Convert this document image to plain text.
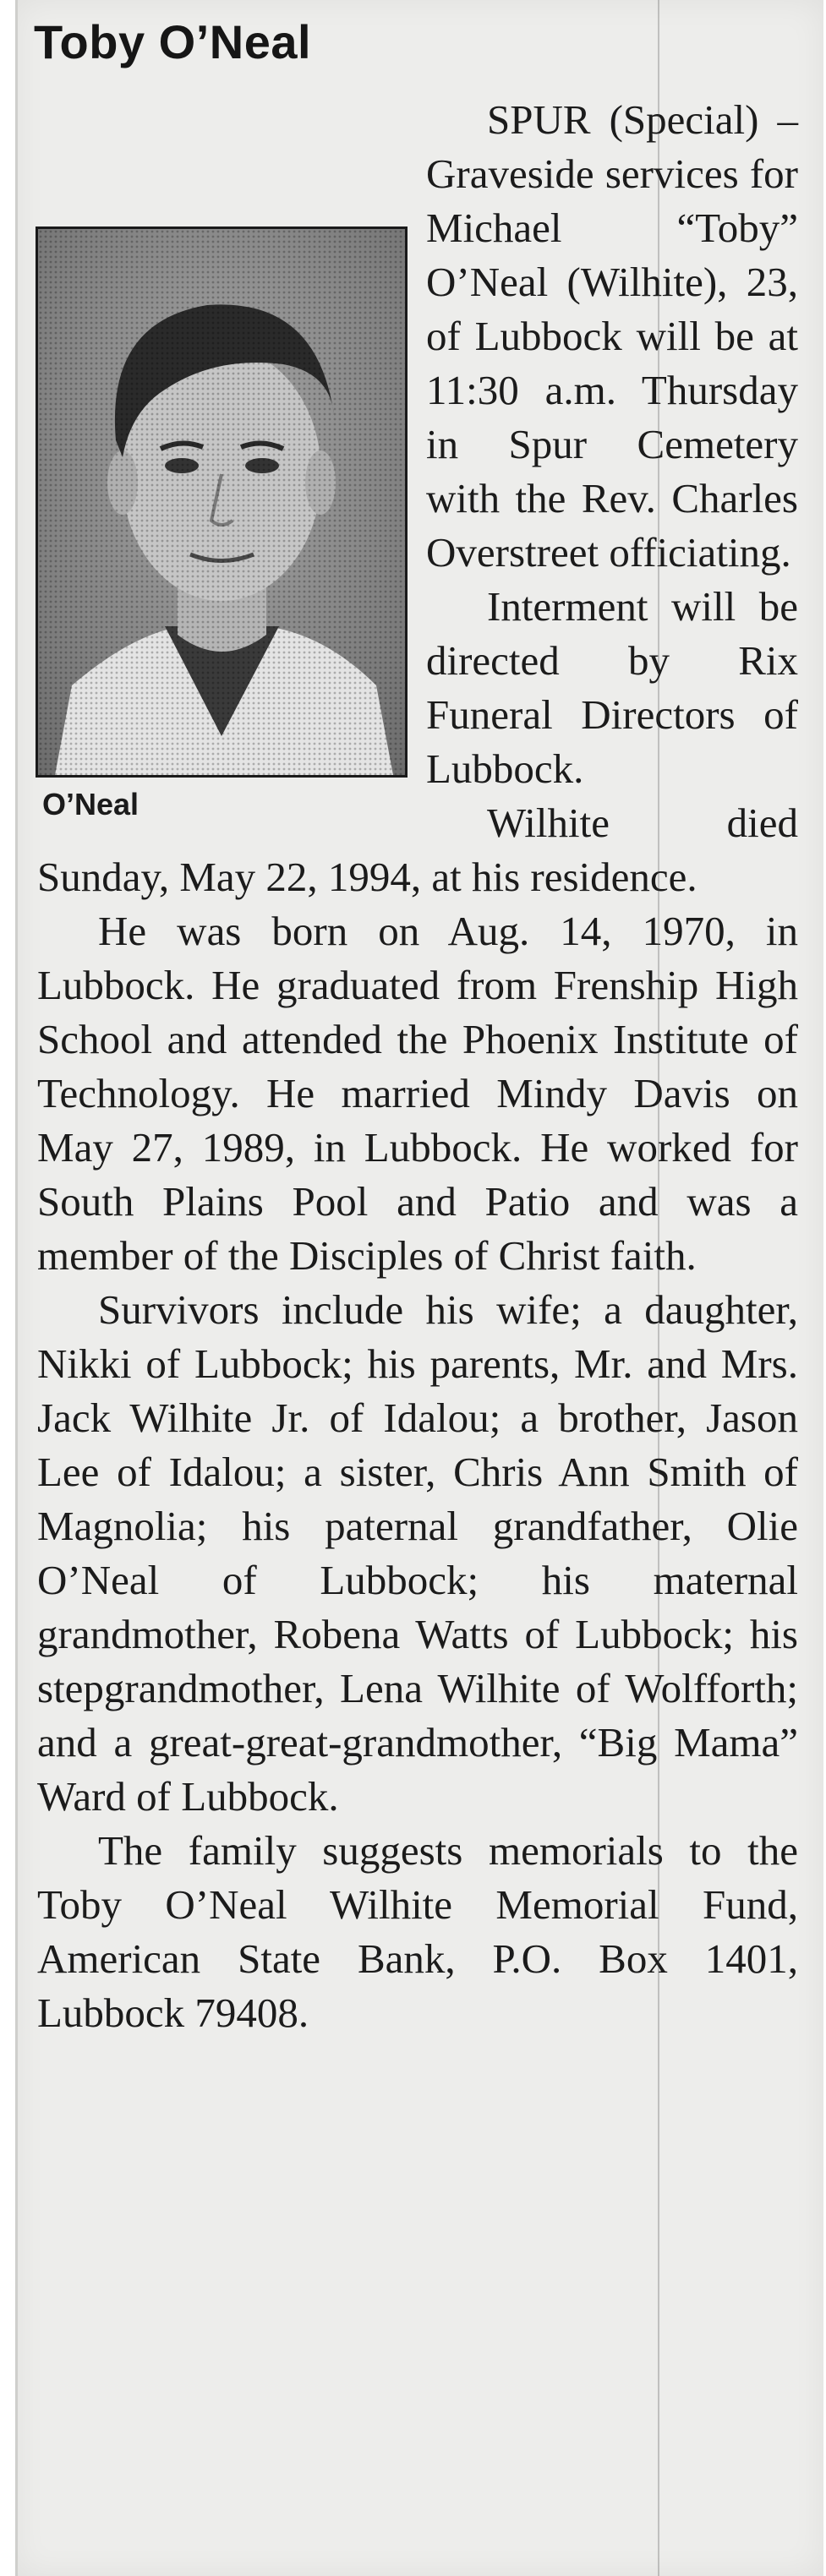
Toby O’Neal
O’Neal

SPUR (Special) – Graveside services for Michael “Toby” O’Neal (Wilhite), 23, of Lubbock will be at 11:30 a.m. Thursday in Spur Cemetery with the Rev. Charles Overstreet officiating.

Interment will be directed by Rix Funeral Directors of Lubbock.

Wilhite died Sunday, May 22, 1994, at his residence.

He was born on Aug. 14, 1970, in Lubbock. He graduated from Frenship High School and attended the Phoenix Institute of Technology. He married Mindy Davis on May 27, 1989, in Lubbock. He worked for South Plains Pool and Patio and was a member of the Disciples of Christ faith.

Survivors include his wife; a daughter, Nikki of Lubbock; his parents, Mr. and Mrs. Jack Wilhite Jr. of Idalou; a brother, Jason Lee of Idalou; a sister, Chris Ann Smith of Magnolia; his paternal grandfather, Olie O’Neal of Lubbock; his maternal grandmother, Robena Watts of Lubbock; his stepgrandmother, Lena Wilhite of Wolfforth; and a great-great-grandmother, “Big Mama” Ward of Lubbock.

The family suggests memorials to the Toby O’Neal Wilhite Memorial Fund, American State Bank, P.O. Box 1401, Lubbock 79408.
